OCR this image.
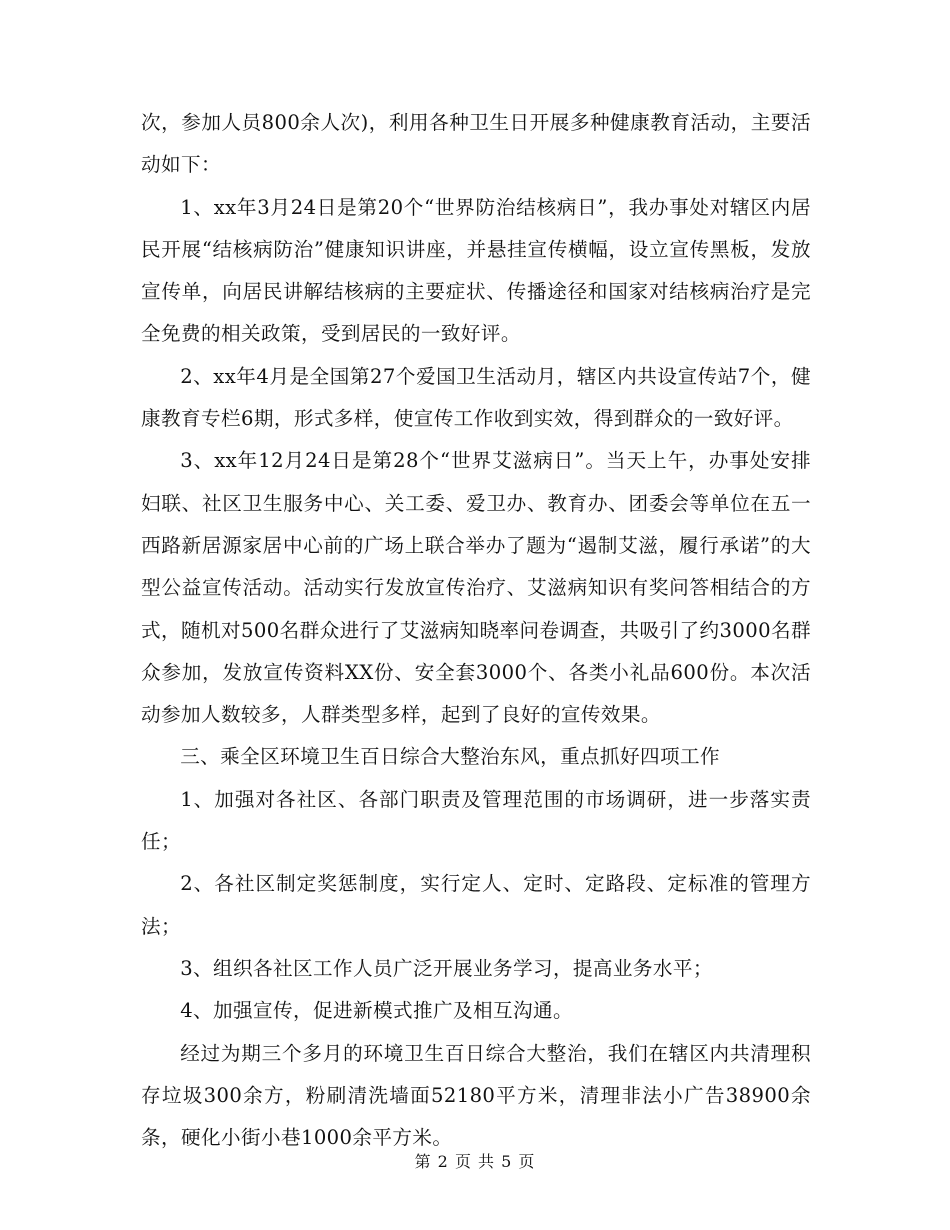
次，参加人员800余人次)，利用各种卫生日开展多种健康教育活动，主要活动如下：

1、xx年3月24日是第20个“世界防治结核病日”，我办事处对辖区内居民开展“结核病防治”健康知识讲座，并悬挂宣传横幅，设立宣传黑板，发放宣传单，向居民讲解结核病的主要症状、传播途径和国家对结核病治疗是完全免费的相关政策，受到居民的一致好评。

2、xx年4月是全国第27个爱国卫生活动月，辖区内共设宣传站7个，健康教育专栏6期，形式多样，使宣传工作收到实效，得到群众的一致好评。

3、xx年12月24日是第28个“世界艾滋病日”。当天上午，办事处安排妇联、社区卫生服务中心、关工委、爱卫办、教育办、团委会等单位在五一西路新居源家居中心前的广场上联合举办了题为“遏制艾滋，履行承诺”的大型公益宣传活动。活动实行发放宣传治疗、艾滋病知识有奖问答相结合的方式，随机对500名群众进行了艾滋病知晓率问卷调查，共吸引了约3000名群众参加，发放宣传资料XX份、安全套3000个、各类小礼品600份。本次活动参加人数较多，人群类型多样，起到了良好的宣传效果。

三、乘全区环境卫生百日综合大整治东风，重点抓好四项工作

1、加强对各社区、各部门职责及管理范围的市场调研，进一步落实责任；

2、各社区制定奖惩制度，实行定人、定时、定路段、定标准的管理方法；

3、组织各社区工作人员广泛开展业务学习，提高业务水平；

4、加强宣传，促进新模式推广及相互沟通。

经过为期三个多月的环境卫生百日综合大整治，我们在辖区内共清理积存垃圾300余方，粉刷清洗墙面52180平方米，清理非法小广告38900余条，硬化小街小巷1000余平方米。

第 2 页 共 5 页
